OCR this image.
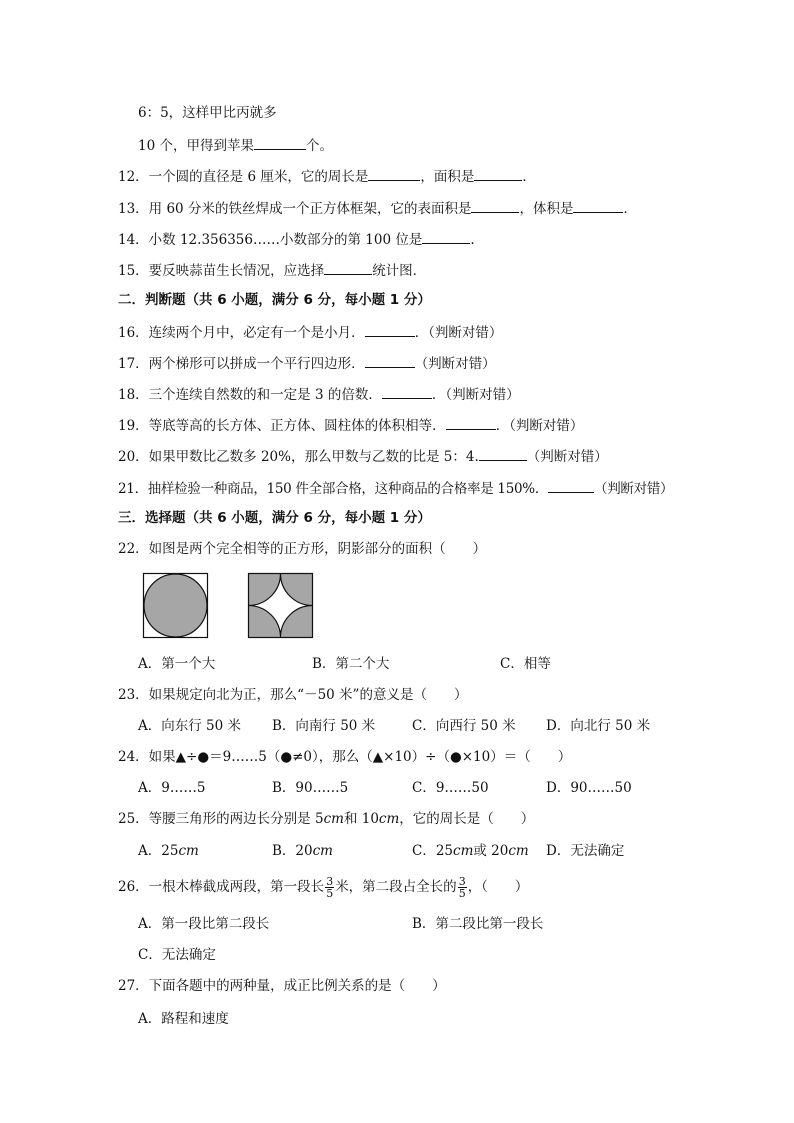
6：5，这样甲比丙就多
10 个，甲得到苹果	个。
12．一个圆的直径是 6 厘米，它的周长是	，面积是	．
13．用 60 分米的铁丝焊成一个正方体框架，它的表面积是	，体积是	．
14．小数 12.356356……小数部分的第 100 位是	.
15．要反映蒜苗生长情况，应选择	统计图．
二．判断题（共 6 小题，满分 6 分，每小题 1 分）
16．连续两个月中，必定有一个是小月．	．（判断对错）
17．两个梯形可以拼成一个平行四边形．	（判断对错）
18．三个连续自然数的和一定是 3 的倍数．	．（判断对错）
19．等底等高的长方体、正方体、圆柱体的体积相等．	．（判断对错）
20．如果甲数比乙数多 20%，那么甲数与乙数的比是 5：4.	（判断对错）
21．抽样检验一种商品，150 件全部合格，这种商品的合格率是 150%．	（判断对错）
三．选择题（共 6 小题，满分 6 分，每小题 1 分）
22．如图是两个完全相等的正方形，阴影部分的面积（　　）
A．第一个大	B．第二个大	C．相等
23．如果规定向北为正，那么“－50 米”的意义是（　　）
A．向东行 50 米 B．向南行 50 米	C．向西行 50 米 D．向北行 50 米
24．如果▲÷●＝9……5（●≠0），那么（▲×10）÷（●×10）＝（　　）
A．9……5	B．90……5	C．9……50	D．90……50
25．等腰三角形的两边长分别是 5cm和 10cm，它的周长是（　　）
A．25cm	B．20cm	C．25cm或 20cm D．无法确定
26．一根木棒截成两段，第一段长 $\frac{3}{5}$ 米，第二段占全长的 $\frac{3}{5}$ ，（　　）
A．第一段比第二段长	B．第二段比第一段长
C．无法确定
27．下面各题中的两种量，成正比例关系的是（　　）
A．路程和速度
